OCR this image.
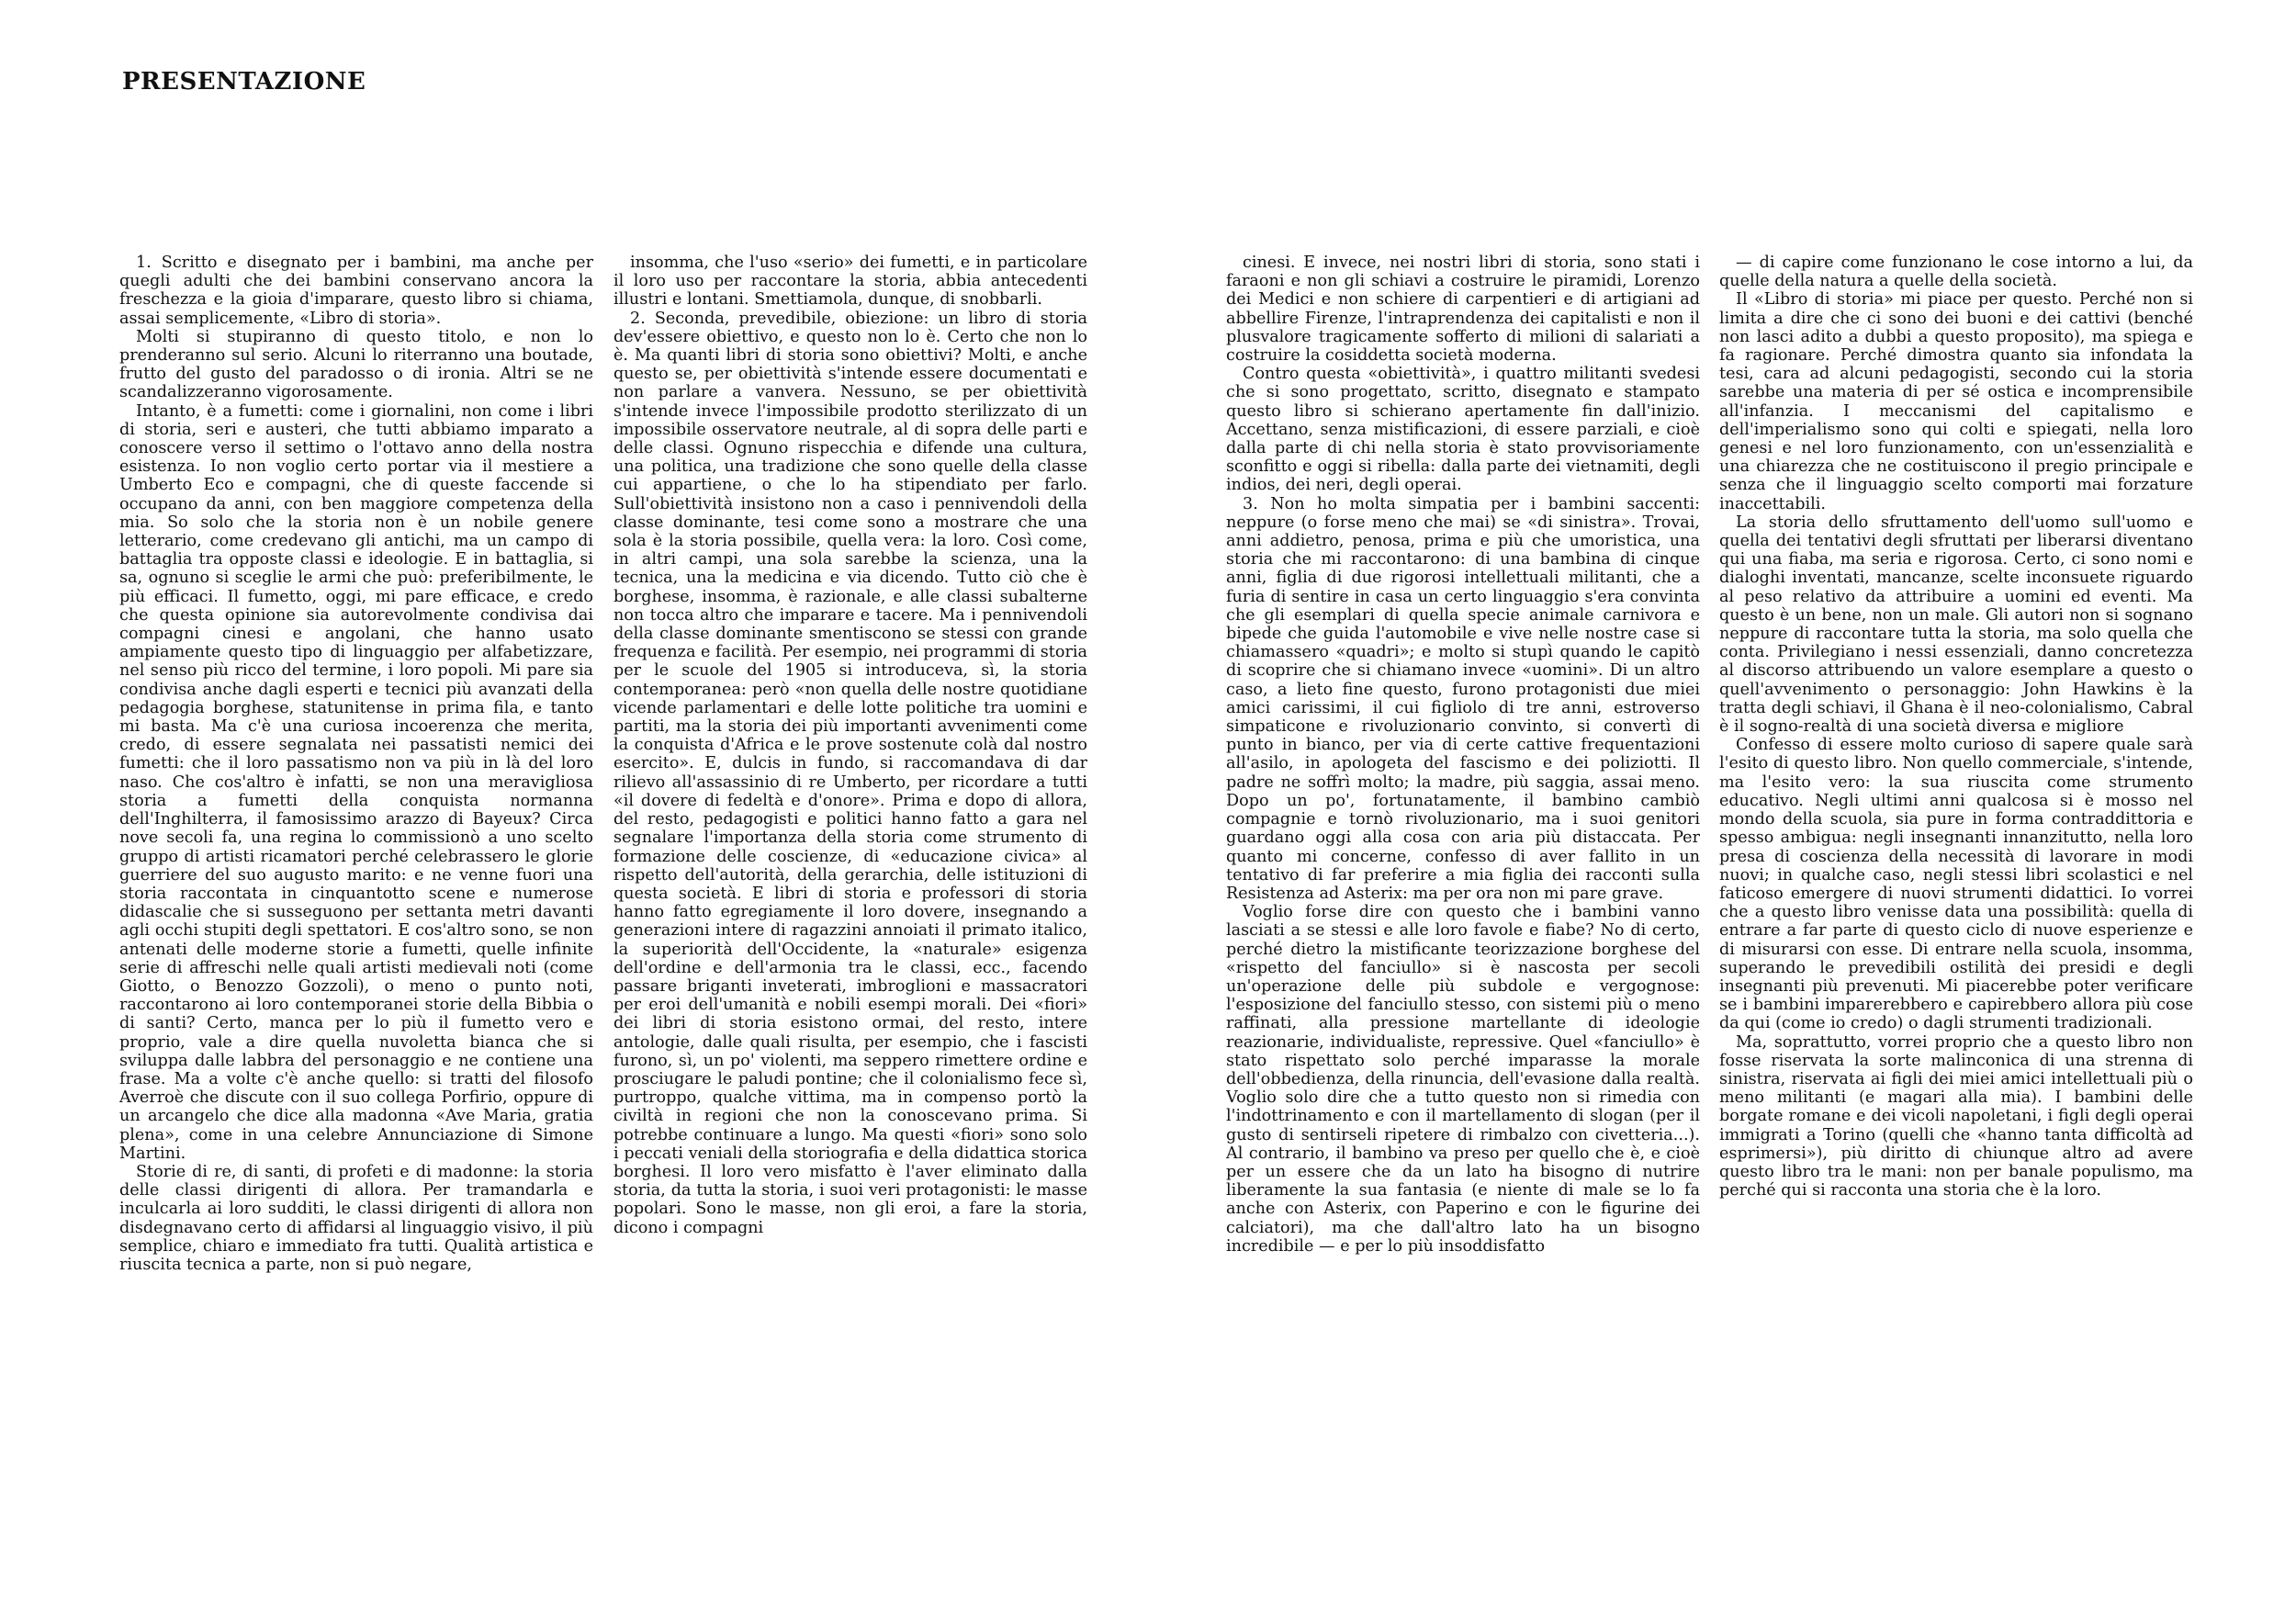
PRESENTAZIONE

1. Scritto e disegnato per i bambini, ma anche per quegli adulti che dei bambini conservano ancora la freschezza e la gioia d'imparare, questo libro si chiama, assai semplicemente, «Libro di storia».

Molti si stupiranno di questo titolo, e non lo prenderanno sul serio. Alcuni lo riterranno una boutade, frutto del gusto del paradosso o di ironia. Altri se ne scandalizzeranno vigorosamente.

Intanto, è a fumetti: come i giornalini, non come i libri di storia, seri e austeri, che tutti abbiamo imparato a conoscere verso il settimo o l'ottavo anno della nostra esistenza. Io non voglio certo portar via il mestiere a Umberto Eco e compagni, che di queste faccende si occupano da anni, con ben maggiore competenza della mia. So solo che la storia non è un nobile genere letterario, come credevano gli antichi, ma un campo di battaglia tra opposte classi e ideologie. E in battaglia, si sa, ognuno si sceglie le armi che può: preferibilmente, le più efficaci. Il fumetto, oggi, mi pare efficace, e credo che questa opinione sia autorevolmente condivisa dai compagni cinesi e angolani, che hanno usato ampiamente questo tipo di linguaggio per alfabetizzare, nel senso più ricco del termine, i loro popoli. Mi pare sia condivisa anche dagli esperti e tecnici più avanzati della pedagogia borghese, statunitense in prima fila, e tanto mi basta. Ma c'è una curiosa incoerenza che merita, credo, di essere segnalata nei passatisti nemici dei fumetti: che il loro passatismo non va più in là del loro naso. Che cos'altro è infatti, se non una meravigliosa storia a fumetti della conquista normanna dell'Inghilterra, il famosissimo arazzo di Bayeux? Circa nove secoli fa, una regina lo commissionò a uno scelto gruppo di artisti ricamatori perché celebrassero le glorie guerriere del suo augusto marito: e ne venne fuori una storia raccontata in cinquantotto scene e numerose didascalie che si susseguono per settanta metri davanti agli occhi stupiti degli spettatori. E cos'altro sono, se non antenati delle moderne storie a fumetti, quelle infinite serie di affreschi nelle quali artisti medievali noti (come Giotto, o Benozzo Gozzoli), o meno o punto noti, raccontarono ai loro contemporanei storie della Bibbia o di santi? Certo, manca per lo più il fumetto vero e proprio, vale a dire quella nuvoletta bianca che si sviluppa dalle labbra del personaggio e ne contiene una frase. Ma a volte c'è anche quello: si tratti del filosofo Averroè che discute con il suo collega Porfirio, oppure di un arcangelo che dice alla madonna «Ave Maria, gratia plena», come in una celebre Annunciazione di Simone Martini.

Storie di re, di santi, di profeti e di madonne: la storia delle classi dirigenti di allora. Per tramandarla e inculcarla ai loro sudditi, le classi dirigenti di allora non disdegnavano certo di affidarsi al linguaggio visivo, il più semplice, chiaro e immediato fra tutti. Qualità artistica e riuscita tecnica a parte, non si può negare,

insomma, che l'uso «serio» dei fumetti, e in particolare il loro uso per raccontare la storia, abbia antecedenti illustri e lontani. Smettiamola, dunque, di snobbarli.

2. Seconda, prevedibile, obiezione: un libro di storia dev'essere obiettivo, e questo non lo è. Certo che non lo è. Ma quanti libri di storia sono obiettivi? Molti, e anche questo se, per obiettività s'intende essere documentati e non parlare a vanvera. Nessuno, se per obiettività s'intende invece l'impossibile prodotto sterilizzato di un impossibile osservatore neutrale, al di sopra delle parti e delle classi. Ognuno rispecchia e difende una cultura, una politica, una tradizione che sono quelle della classe cui appartiene, o che lo ha stipendiato per farlo. Sull'obiettività insistono non a caso i pennivendoli della classe dominante, tesi come sono a mostrare che una sola è la storia possibile, quella vera: la loro. Così come, in altri campi, una sola sarebbe la scienza, una la tecnica, una la medicina e via dicendo. Tutto ciò che è borghese, insomma, è razionale, e alle classi subalterne non tocca altro che imparare e tacere. Ma i pennivendoli della classe dominante smentiscono se stessi con grande frequenza e facilità. Per esempio, nei programmi di storia per le scuole del 1905 si introduceva, sì, la storia contemporanea: però «non quella delle nostre quotidiane vicende parlamentari e delle lotte politiche tra uomini e partiti, ma la storia dei più importanti avvenimenti come la conquista d'Africa e le prove sostenute colà dal nostro esercito». E, dulcis in fundo, si raccomandava di dar rilievo all'assassinio di re Umberto, per ricordare a tutti «il dovere di fedeltà e d'onore». Prima e dopo di allora, del resto, pedagogisti e politici hanno fatto a gara nel segnalare l'importanza della storia come strumento di formazione delle coscienze, di «educazione civica» al rispetto dell'autorità, della gerarchia, delle istituzioni di questa società. E libri di storia e professori di storia hanno fatto egregiamente il loro dovere, insegnando a generazioni intere di ragazzini annoiati il primato italico, la superiorità dell'Occidente, la «naturale» esigenza dell'ordine e dell'armonia tra le classi, ecc., facendo passare briganti inveterati, imbroglioni e massacratori per eroi dell'umanità e nobili esempi morali. Dei «fiori» dei libri di storia esistono ormai, del resto, intere antologie, dalle quali risulta, per esempio, che i fascisti furono, sì, un po' violenti, ma seppero rimettere ordine e prosciugare le paludi pontine; che il colonialismo fece sì, purtroppo, qualche vittima, ma in compenso portò la civiltà in regioni che non la conoscevano prima. Si potrebbe continuare a lungo. Ma questi «fiori» sono solo i peccati veniali della storiografia e della didattica storica borghesi. Il loro vero misfatto è l'aver eliminato dalla storia, da tutta la storia, i suoi veri protagonisti: le masse popolari. Sono le masse, non gli eroi, a fare la storia, dicono i compagni

cinesi. E invece, nei nostri libri di storia, sono stati i faraoni e non gli schiavi a costruire le piramidi, Lorenzo dei Medici e non schiere di carpentieri e di artigiani ad abbellire Firenze, l'intraprendenza dei capitalisti e non il plusvalore tragicamente sofferto di milioni di salariati a costruire la cosiddetta società moderna.

Contro questa «obiettività», i quattro militanti svedesi che si sono progettato, scritto, disegnato e stampato questo libro si schierano apertamente fin dall'inizio. Accettano, senza mistificazioni, di essere parziali, e cioè dalla parte di chi nella storia è stato provvisoriamente sconfitto e oggi si ribella: dalla parte dei vietnamiti, degli indios, dei neri, degli operai.

3. Non ho molta simpatia per i bambini saccenti: neppure (o forse meno che mai) se «di sinistra». Trovai, anni addietro, penosa, prima e più che umoristica, una storia che mi raccontarono: di una bambina di cinque anni, figlia di due rigorosi intellettuali militanti, che a furia di sentire in casa un certo linguaggio s'era convinta che gli esemplari di quella specie animale carnivora e bipede che guida l'automobile e vive nelle nostre case si chiamassero «quadri»; e molto si stupì quando le capitò di scoprire che si chiamano invece «uomini». Di un altro caso, a lieto fine questo, furono protagonisti due miei amici carissimi, il cui figliolo di tre anni, estroverso simpaticone e rivoluzionario convinto, si convertì di punto in bianco, per via di certe cattive frequentazioni all'asilo, in apologeta del fascismo e dei poliziotti. Il padre ne soffrì molto; la madre, più saggia, assai meno. Dopo un po', fortunatamente, il bambino cambiò compagnie e tornò rivoluzionario, ma i suoi genitori guardano oggi alla cosa con aria più distaccata. Per quanto mi concerne, confesso di aver fallito in un tentativo di far preferire a mia figlia dei racconti sulla Resistenza ad Asterix: ma per ora non mi pare grave.

Voglio forse dire con questo che i bambini vanno lasciati a se stessi e alle loro favole e fiabe? No di certo, perché dietro la mistificante teorizzazione borghese del «rispetto del fanciullo» si è nascosta per secoli un'operazione delle più subdole e vergognose: l'esposizione del fanciullo stesso, con sistemi più o meno raffinati, alla pressione martellante di ideologie reazionarie, individualiste, repressive. Quel «fanciullo» è stato rispettato solo perché imparasse la morale dell'obbedienza, della rinuncia, dell'evasione dalla realtà. Voglio solo dire che a tutto questo non si rimedia con l'indottrinamento e con il martellamento di slogan (per il gusto di sentirseli ripetere di rimbalzo con civetteria...). Al contrario, il bambino va preso per quello che è, e cioè per un essere che da un lato ha bisogno di nutrire liberamente la sua fantasia (e niente di male se lo fa anche con Asterix, con Paperino e con le figurine dei calciatori), ma che dall'altro lato ha un bisogno incredibile — e per lo più insoddisfatto

— di capire come funzionano le cose intorno a lui, da quelle della natura a quelle della società.

Il «Libro di storia» mi piace per questo. Perché non si limita a dire che ci sono dei buoni e dei cattivi (benché non lasci adito a dubbi a questo proposito), ma spiega e fa ragionare. Perché dimostra quanto sia infondata la tesi, cara ad alcuni pedagogisti, secondo cui la storia sarebbe una materia di per sé ostica e incomprensibile all'infanzia. I meccanismi del capitalismo e dell'imperialismo sono qui colti e spiegati, nella loro genesi e nel loro funzionamento, con un'essenzialità e una chiarezza che ne costituiscono il pregio principale e senza che il linguaggio scelto comporti mai forzature inaccettabili.

La storia dello sfruttamento dell'uomo sull'uomo e quella dei tentativi degli sfruttati per liberarsi diventano qui una fiaba, ma seria e rigorosa. Certo, ci sono nomi e dialoghi inventati, mancanze, scelte inconsuete riguardo al peso relativo da attribuire a uomini ed eventi. Ma questo è un bene, non un male. Gli autori non si sognano neppure di raccontare tutta la storia, ma solo quella che conta. Privilegiano i nessi essenziali, danno concretezza al discorso attribuendo un valore esemplare a questo o quell'avvenimento o personaggio: John Hawkins è la tratta degli schiavi, il Ghana è il neo-colonialismo, Cabral è il sogno-realtà di una società diversa e migliore

Confesso di essere molto curioso di sapere quale sarà l'esito di questo libro. Non quello commerciale, s'intende, ma l'esito vero: la sua riuscita come strumento educativo. Negli ultimi anni qualcosa si è mosso nel mondo della scuola, sia pure in forma contraddittoria e spesso ambigua: negli insegnanti innanzitutto, nella loro presa di coscienza della necessità di lavorare in modi nuovi; in qualche caso, negli stessi libri scolastici e nel faticoso emergere di nuovi strumenti didattici. Io vorrei che a questo libro venisse data una possibilità: quella di entrare a far parte di questo ciclo di nuove esperienze e di misurarsi con esse. Di entrare nella scuola, insomma, superando le prevedibili ostilità dei presidi e degli insegnanti più prevenuti. Mi piacerebbe poter verificare se i bambini imparerebbero e capirebbero allora più cose da qui (come io credo) o dagli strumenti tradizionali.

Ma, soprattutto, vorrei proprio che a questo libro non fosse riservata la sorte malinconica di una strenna di sinistra, riservata ai figli dei miei amici intellettuali più o meno militanti (e magari alla mia). I bambini delle borgate romane e dei vicoli napoletani, i figli degli operai immigrati a Torino (quelli che «hanno tanta difficoltà ad esprimersi»), più diritto di chiunque altro ad avere questo libro tra le mani: non per banale populismo, ma perché qui si racconta una storia che è la loro.
